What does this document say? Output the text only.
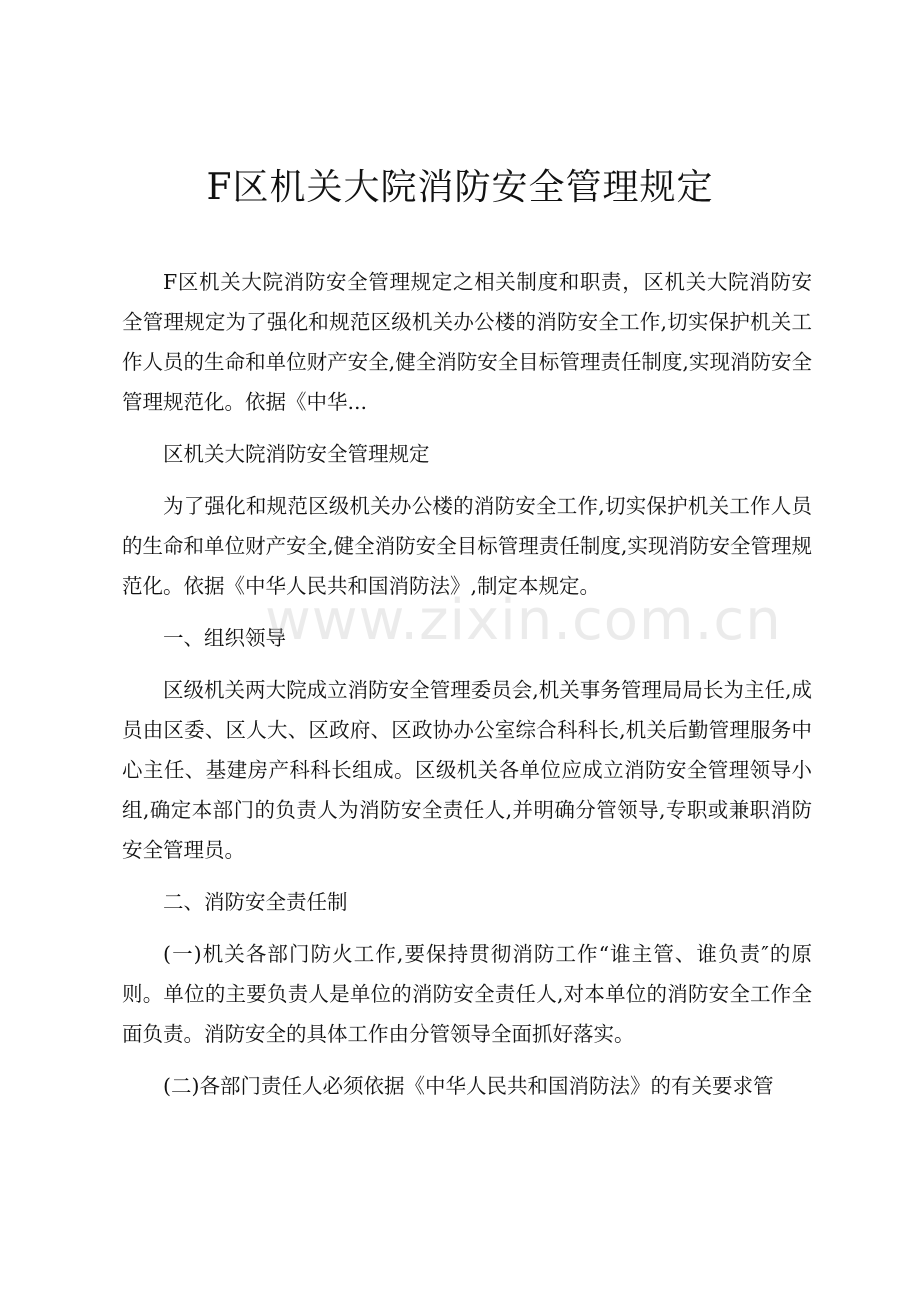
F区机关大院消防安全管理规定

F区机关大院消防安全管理规定之相关制度和职责，区机关大院消防安全管理规定为了强化和规范区级机关办公楼的消防安全工作,切实保护机关工作人员的生命和单位财产安全,健全消防安全目标管理责任制度,实现消防安全管理规范化。依据《中华...

区机关大院消防安全管理规定

为了强化和规范区级机关办公楼的消防安全工作,切实保护机关工作人员的生命和单位财产安全,健全消防安全目标管理责任制度,实现消防安全管理规范化。依据《中华人民共和国消防法》,制定本规定。

一、组织领导

区级机关两大院成立消防安全管理委员会,机关事务管理局局长为主任,成员由区委、区人大、区政府、区政协办公室综合科科长,机关后勤管理服务中心主任、基建房产科科长组成。区级机关各单位应成立消防安全管理领导小组,确定本部门的负责人为消防安全责任人,并明确分管领导,专职或兼职消防安全管理员。

二、消防安全责任制

(一)机关各部门防火工作,要保持贯彻消防工作“谁主管、谁负责″的原则。单位的主要负责人是单位的消防安全责任人,对本单位的消防安全工作全面负责。消防安全的具体工作由分管领导全面抓好落实。

(二)各部门责任人必须依据《中华人民共和国消防法》的有关要求管

www.zixin.com.cn
